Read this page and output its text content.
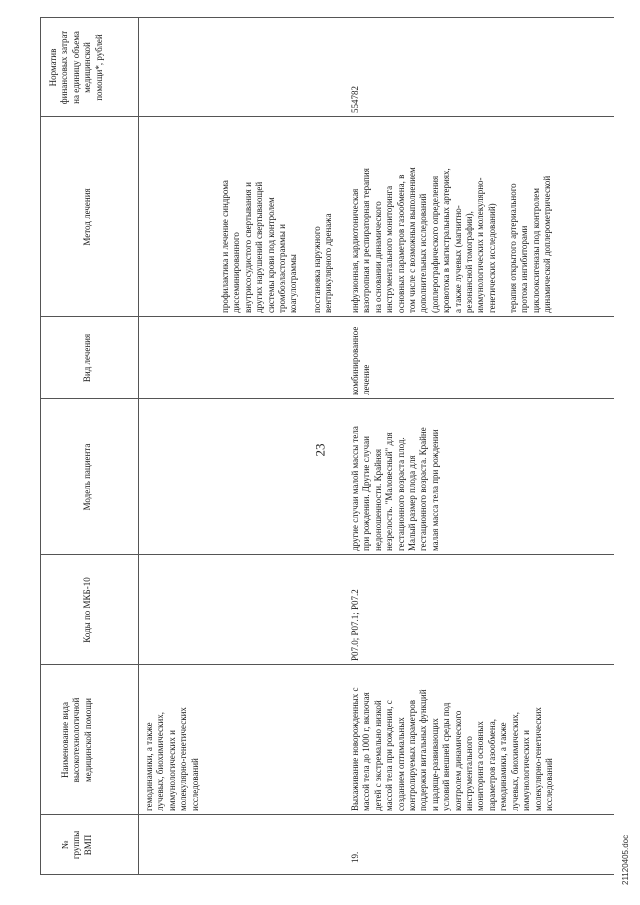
23
№ группы ВМП
Наименование вида высокотехнологичной медицинской помощи
Коды по МКБ-10
Модель пациента
Вид лечения
Метод лечения
Норматив финансовых затрат на единицу объема медицинской помощи*, рублей
гемодинамики, а также лучевых, биохимических, иммунологических и молекулярно-генетических исследований
профилактика и лечение синдрома диссеминированного внутрисосудистого свертывания и других нарушений свертывающей системы крови под контролем тромбоэластограммы и коагулограммы постановка наружного вентрикулярного дренажа
19.
Выхаживание новорожденных с массой тела до 1000 г, включая детей с экстремально низкой массой тела при рождении, с созданием оптимальных контролируемых параметров поддержки витальных функций и щадяще-развивающих условий внешней среды под контролем динамического инструментального мониторинга основных параметров газообмена, гемодинамики, а также лучевых, биохимических, иммунологических и молекулярно-генетических исследований
P07.0; P07.1; P07.2
другие случаи малой массы тела при рождении. Другие случаи недоношенности. Крайняя незрелость. "Маловесный" для гестационного возраста плод. Малый размер плода для гестационного возраста. Крайне малая масса тела при рождении
комбинированное лечение
инфузионная, кардиотоническая вазотропная и респираторная терапия на основании динамического инструментального мониторинга основных параметров газообмена, в том числе с возможным выполнением дополнительных исследований (доплерографического определения кровотока в магистральных артериях, а также лучевых (магнитно- резонансной томографии), иммунологических и молекулярно- генетических исследований) терапия открытого артериального протока ингибиторами циклооксигеназы под контролем динамической доплерометрической
554782
21120405.doc
